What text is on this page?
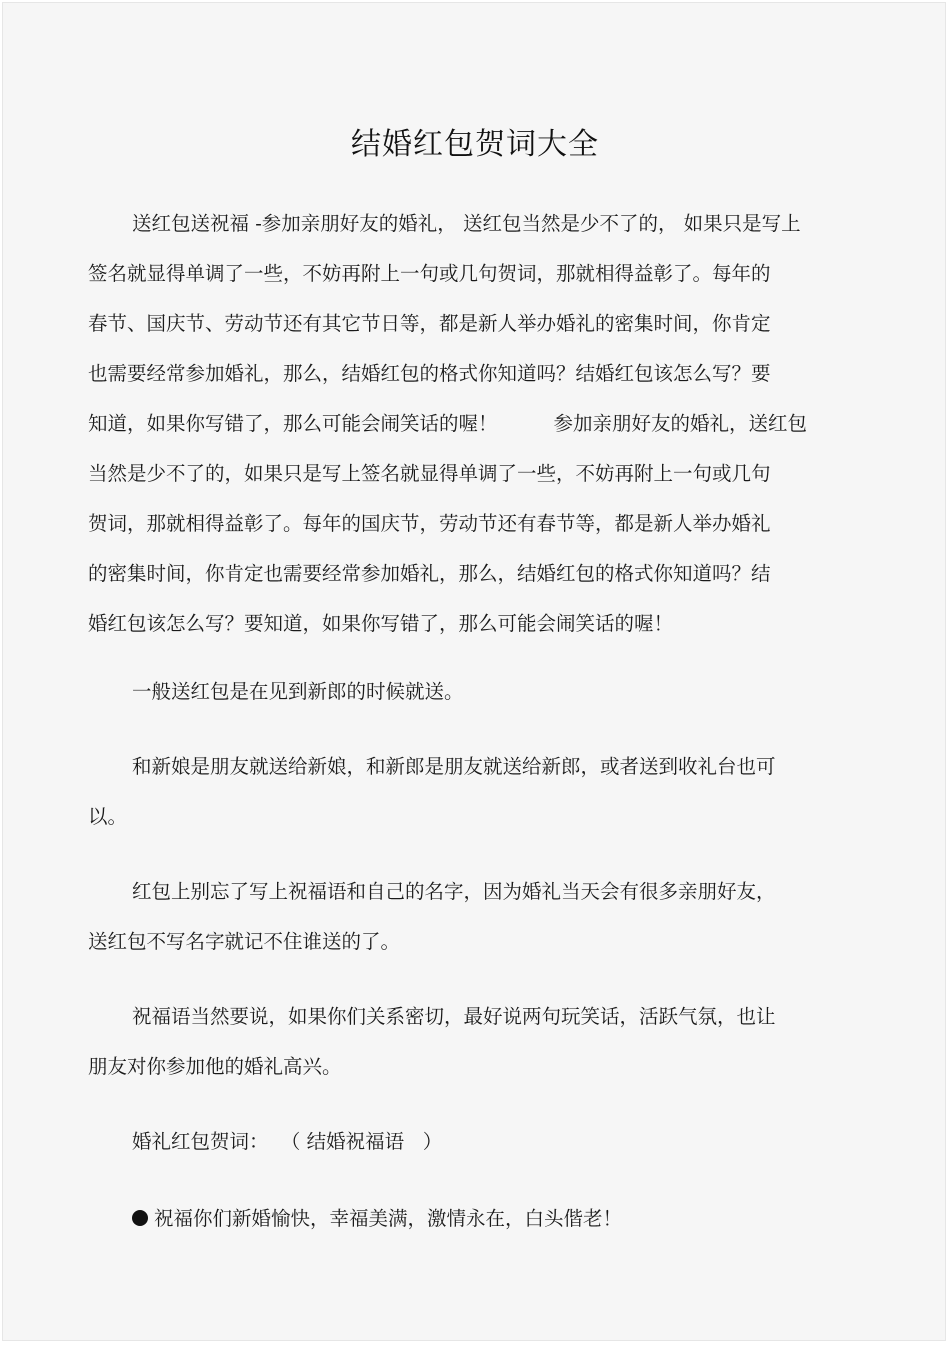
结婚红包贺词大全
送红包送祝福 -参加亲朋好友的婚礼， 送红包当然是少不了的， 如果只是写上
签名就显得单调了一些，不妨再附上一句或几句贺词，那就相得益彰了。每年的
春节、国庆节、劳动节还有其它节日等，都是新人举办婚礼的密集时间，你肯定
也需要经常参加婚礼，那么，结婚红包的格式你知道吗？结婚红包该怎么写？要
知道，如果你写错了，那么可能会闹笑话的喔！	参加亲朋好友的婚礼，送红包
当然是少不了的，如果只是写上签名就显得单调了一些，不妨再附上一句或几句
贺词，那就相得益彰了。每年的国庆节，劳动节还有春节等，都是新人举办婚礼
的密集时间，你肯定也需要经常参加婚礼，那么，结婚红包的格式你知道吗？结
婚红包该怎么写？要知道，如果你写错了，那么可能会闹笑话的喔！
一般送红包是在见到新郎的时候就送。
和新娘是朋友就送给新娘，和新郎是朋友就送给新郎，或者送到收礼台也可
以。
红包上别忘了写上祝福语和自己的名字，因为婚礼当天会有很多亲朋好友，
送红包不写名字就记不住谁送的了。
祝福语当然要说，如果你们关系密切，最好说两句玩笑话，活跃气氛，也让
朋友对你参加他的婚礼高兴。
婚礼红包贺词：  （ 结婚祝福语   ）
祝福你们新婚愉快，幸福美满，激情永在，白头偕老！
